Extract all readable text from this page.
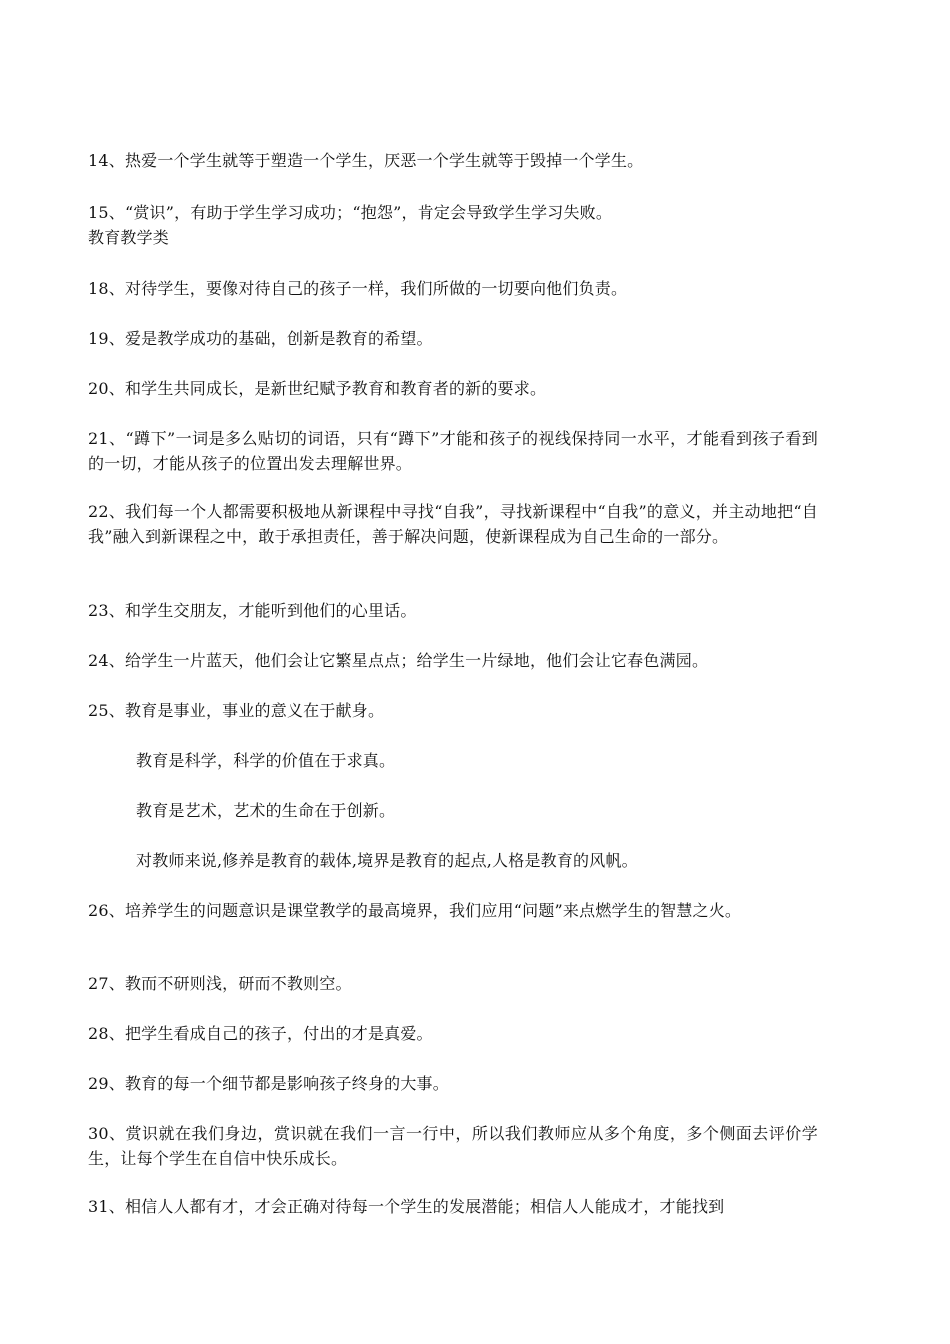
14、热爱一个学生就等于塑造一个学生，厌恶一个学生就等于毁掉一个学生。
15、“赏识”，有助于学生学习成功；“抱怨”，肯定会导致学生学习失败。
教育教学类
18、对待学生，要像对待自己的孩子一样，我们所做的一切要向他们负责。
19、爱是教学成功的基础，创新是教育的希望。
20、和学生共同成长，是新世纪赋予教育和教育者的新的要求。
21、“蹲下”一词是多么贴切的词语，只有“蹲下”才能和孩子的视线保持同一水平，才能看到孩子看到的一切，才能从孩子的位置出发去理解世界。
22、我们每一个人都需要积极地从新课程中寻找“自我”，寻找新课程中“自我”的意义，并主动地把“自我”融入到新课程之中，敢于承担责任，善于解决问题，使新课程成为自己生命的一部分。
23、和学生交朋友，才能听到他们的心里话。
24、给学生一片蓝天，他们会让它繁星点点；给学生一片绿地，他们会让它春色满园。
25、教育是事业，事业的意义在于献身。
教育是科学，科学的价值在于求真。
教育是艺术，艺术的生命在于创新。
对教师来说,修养是教育的载体,境界是教育的起点,人格是教育的风帆。
26、培养学生的问题意识是课堂教学的最高境界，我们应用“问题”来点燃学生的智慧之火。
27、教而不研则浅，研而不教则空。
28、把学生看成自己的孩子，付出的才是真爱。
29、教育的每一个细节都是影响孩子终身的大事。
30、赏识就在我们身边，赏识就在我们一言一行中，所以我们教师应从多个角度，多个侧面去评价学生，让每个学生在自信中快乐成长。
31、相信人人都有才，才会正确对待每一个学生的发展潜能；相信人人能成才，才能找到
